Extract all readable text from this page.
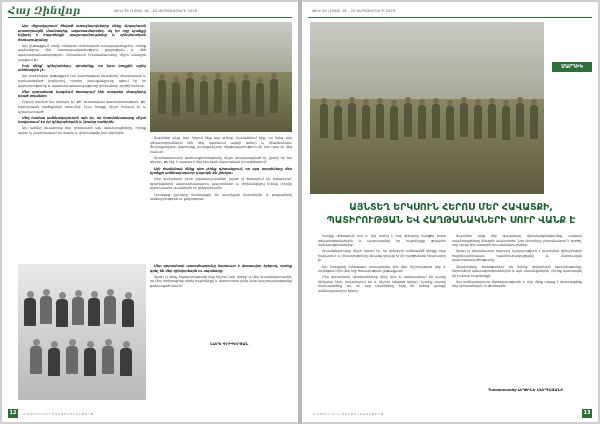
Հայ Զինվոր	ԹԻՎ 35 (1580) 16 - 22 ՍԵՊՏԵՄԲԵՐԻ 2020

Այս միջավայրում ծնված առաջնորդներից մեկը Արցախյան պատերազմի մասնակից, ազատամարտիկ, ով իր ողջ կյանքը նվիրել է հայրենիքի պաշտպանությանը և զինվորական ծառայությանը:

Այդ ընթացքում տեղի ունեցան մարտական առաջադրանքներ, որոնք պահանջում էին հաստատակամություն, քաջություն և մեծ պատասխանատվություն: Զորամասի հրամանատարը միշտ առաջին շարքում էր:

Իսկ մենք՝ զինվորներս, գիտեինք, որ նրա կողքին ոչինչ անհնարին չէ:

Այս տարիների ընթացքում նա կարողացավ ձևավորել միասնական և համախմբված կոլեկտիվ, որտեղ յուրաքանչյուրը զգում էր իր կարևորությունը և պատասխանատվությունը ընդհանուր գործի համար:

Մեր զորամասի կազմում ծառայում էին տարբեր մարզերից եկած տղաներ:

Բոլորի համար նա օրինակ էր՝ թե՛ մարտական պատրաստության, թե՛ բարոյական արժեքների առումով: Նրա խոսքը միշտ հստակ էր և կշռադատված:

Մեզ համար ամենակարևորն այն էր, որ հրամանատարը միշտ հավատում էր իր զինվորներին և նրանց ուժերին:

Այս ամենը ձևավորեց մեր զորամասի այն ավանդույթները, որոնք այսօր էլ շարունակում են ապրել և փոխանցվել նոր սերնդին:

Տարիներ անց, երբ հիշում ենք այդ օրերը, հասկանում ենք, որ հենց այդ դժվարություններն էին մեզ դարձնում ավելի ամուր և միասնական: Յուրաքանչյուր վարժանք, յուրաքանչյուր հերթապահություն մի նոր դաս էր մեզ համար:

Հրամանատարի պահանջկոտությունը միշտ արդարացված էր, քանի որ նա գիտեր, թե ինչ է սպասում մեզ իրական մարտական իրավիճակում:

Այն ժամանակ մենք դեռ չէինք գիտակցում, որ այդ տարիները մեր կյանքի ամենակարևոր դպրոցն են լինելու:

Մեր զորամասի շատ շրջանավարտներ այսօր էլ ծառայում են բանակում՝ զբաղեցնելով պատասխանատու պաշտոններ և փոխանցելով իրենց փորձը երիտասարդ սպաներին ու զինվորներին:

Նրանցից շատերը մասնակցել են ապրիլյան մարտերին և ցուցաբերել անձնվիրություն ու քաջություն:

Մեր զորամասի պատմությունը հարուստ է փառավոր էջերով, որոնք գրել են մեր զինվորներն ու սպաները:

Այսօր էլ մենք հպարտությամբ ենք հիշում այդ օրերը և մեր հրամանատարին, ով մեզ սովորեցրեց սիրել հայրենիքը և պատրաստ լինել նրա պաշտպանությանը ցանկացած պահի:

ՆԱՐԵ ԳՐԻԳՈՐՅԱՆ
12	«Հ Ա Յ Զ Ի Ն Վ Ո Ր» Պ Ա Շ Տ Ո Ն Ա Կ Ա Ն Թ Ե Ր Թ
ԹԻՎ 35 (1580) 16 - 22 ՍԵՊՏԵՄԲԵՐԻ 2020
ՄԱՐԴԻԿ
ԱՅՆՏԵՂ ԵՐԿՍՈՒՆ ՀԵՐՈՍ ՄԵՐ ՀԱՎԱՏՔԻ,
ՊԱՏԻՐՈՒԹՅԱՆ ԵՎ ՀԱՂԹԱՆԱԿՆԵՐԻ ՍՈՒՐ ՎԱՆՔ Է

Կամքը մեծագույն ուժ է: Այդ ուժով է հայ զինվորը հաղթել բոլոր դժվարություններին և պաշտպանել իր հայրենիքը թշնամու ոտնձգություններից:

Հրամանատարը միշտ ասում էր, որ զինվորի ամենամեծ զենքը նրա հավատն է և միասնությունը: Առանց դրանց ոչ մի հաղթանակ հնարավոր չէ:

Այս խոսքերը խորապես տպավորվել էին մեր հիշողության մեջ և ուղեկցում էին մեզ ողջ ծառայության ընթացքում:

Մեր զորամասի վետերանները մինչ օրս էլ պահպանում են կապը միմյանց հետ, հանդիպում են և հիշում անցած օրերը: Նրանք բոլորը համակարծիք են, որ այդ տարիները եղել են իրենց կյանքի ամենալուսավոր էջերը:

Տարիներ անց մեր զորամասը վերակազմավորվեց, սակայն ավանդույթները մնացին անփոփոխ: Նոր սերունդը շարունակում է գործը, որը սկսել էին առաջին հրամանատարները:

Այսօր էլ զորամասում հատուկ ուշադրություն է դարձվում զինվորների հայրենասիրական դաստիարակությանը և մարտական պատրաստվածությանը:

Զինվորները ծանոթանում են իրենց զորամասի պատմությանը, հերոսների կենսագրություններին և այն սխրանքներին, որոնք կատարվել են հանուն հայրենիքի:

Սա ամենակարևոր ժառանգությունն է, որը մենք պետք է փոխանցենք մեր երեխաներին ու թոռներին:

Պատրաստեց ԱՐՓԻՆԵ ՍԱՐԳՍՅԱՆԸ
«Հ Ա Յ Զ Ի Ն Վ Ո Ր» Պ Ա Շ Տ Ո Ն Ա Կ Ա Ն Թ Ե Ր Թ	13
